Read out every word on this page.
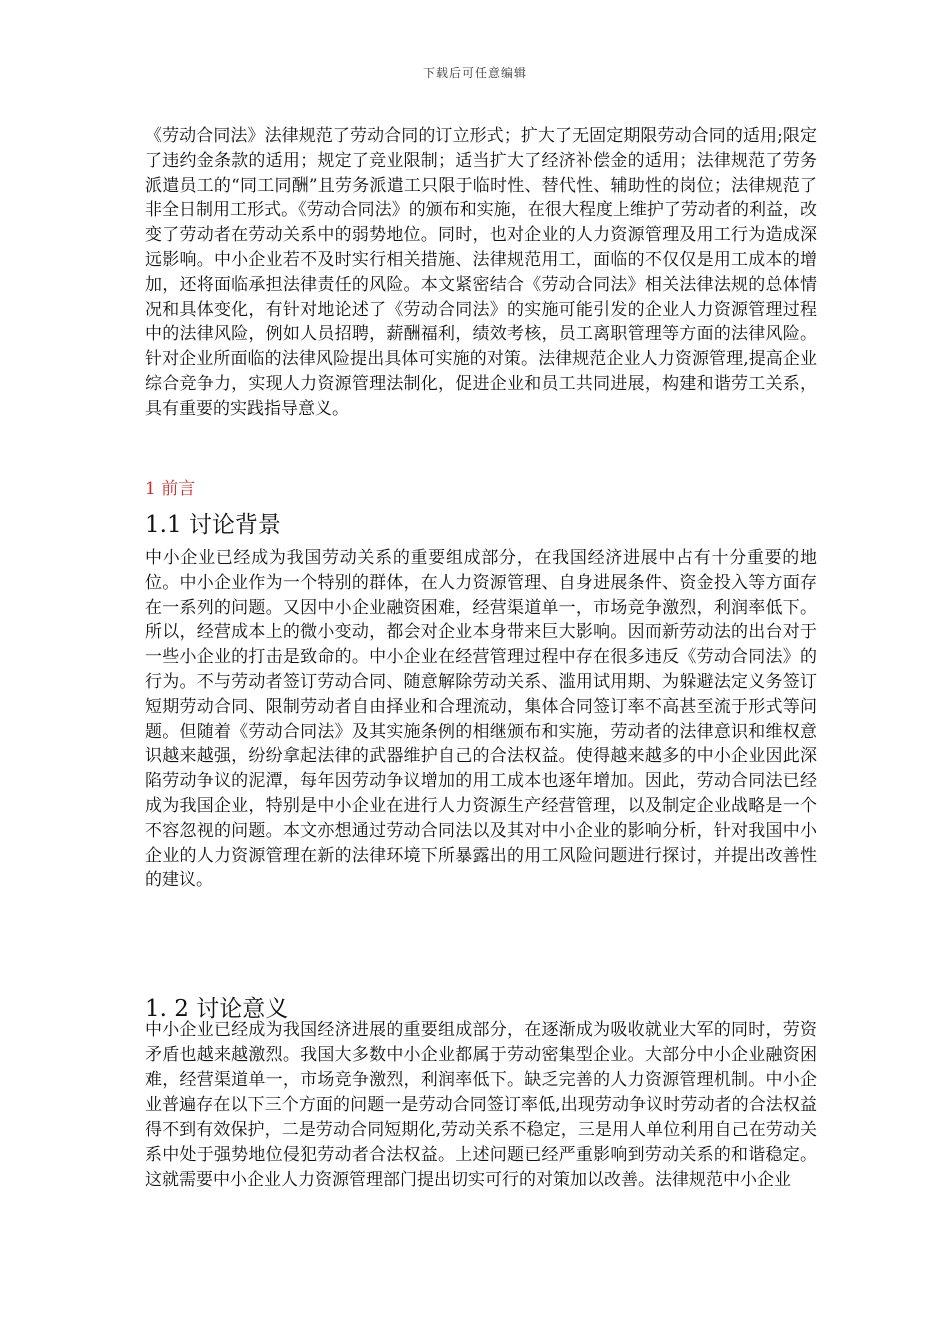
下载后可任意编辑

《劳动合同法》法律规范了劳动合同的订立形式；扩大了无固定期限劳动合同的适用;限定了违约金条款的适用；规定了竞业限制；适当扩大了经济补偿金的适用；法律规范了劳务派遣员工的“同工同酬”且劳务派遣工只限于临时性、替代性、辅助性的岗位；法律规范了非全日制用工形式。《劳动合同法》的颁布和实施，在很大程度上维护了劳动者的利益，改变了劳动者在劳动关系中的弱势地位。同时，也对企业的人力资源管理及用工行为造成深远影响。中小企业若不及时实行相关措施、法律规范用工，面临的不仅仅是用工成本的增加，还将面临承担法律责任的风险。本文紧密结合《劳动合同法》相关法律法规的总体情况和具体变化，有针对地论述了《劳动合同法》的实施可能引发的企业人力资源管理过程中的法律风险，例如人员招聘，薪酬福利，绩效考核，员工离职管理等方面的法律风险。针对企业所面临的法律风险提出具体可实施的对策。法律规范企业人力资源管理,提高企业综合竞争力，实现人力资源管理法制化，促进企业和员工共同进展，构建和谐劳工关系，具有重要的实践指导意义。

1 前言
1.1 讨论背景

中小企业已经成为我国劳动关系的重要组成部分，在我国经济进展中占有十分重要的地位。中小企业作为一个特别的群体，在人力资源管理、自身进展条件、资金投入等方面存在一系列的问题。又因中小企业融资困难，经营渠道单一，市场竞争激烈，利润率低下。所以，经营成本上的微小变动，都会对企业本身带来巨大影响。因而新劳动法的出台对于一些小企业的打击是致命的。中小企业在经营管理过程中存在很多违反《劳动合同法》的行为。不与劳动者签订劳动合同、随意解除劳动关系、滥用试用期、为躲避法定义务签订短期劳动合同、限制劳动者自由择业和合理流动，集体合同签订率不高甚至流于形式等问题。但随着《劳动合同法》及其实施条例的相继颁布和实施，劳动者的法律意识和维权意识越来越强，纷纷拿起法律的武器维护自己的合法权益。使得越来越多的中小企业因此深陷劳动争议的泥潭，每年因劳动争议增加的用工成本也逐年增加。因此，劳动合同法已经成为我国企业，特别是中小企业在进行人力资源生产经营管理，以及制定企业战略是一个不容忽视的问题。本文亦想通过劳动合同法以及其对中小企业的影响分析，针对我国中小企业的人力资源管理在新的法律环境下所暴露出的用工风险问题进行探讨，并提出改善性的建议。

1. 2 讨论意义

中小企业已经成为我国经济进展的重要组成部分，在逐渐成为吸收就业大军的同时，劳资矛盾也越来越激烈。我国大多数中小企业都属于劳动密集型企业。大部分中小企业融资困难，经营渠道单一，市场竞争激烈，利润率低下。缺乏完善的人力资源管理机制。中小企业普遍存在以下三个方面的问题一是劳动合同签订率低,出现劳动争议时劳动者的合法权益得不到有效保护，二是劳动合同短期化,劳动关系不稳定，三是用人单位利用自己在劳动关系中处于强势地位侵犯劳动者合法权益。上述问题已经严重影响到劳动关系的和谐稳定。这就需要中小企业人力资源管理部门提出切实可行的对策加以改善。法律规范中小企业
